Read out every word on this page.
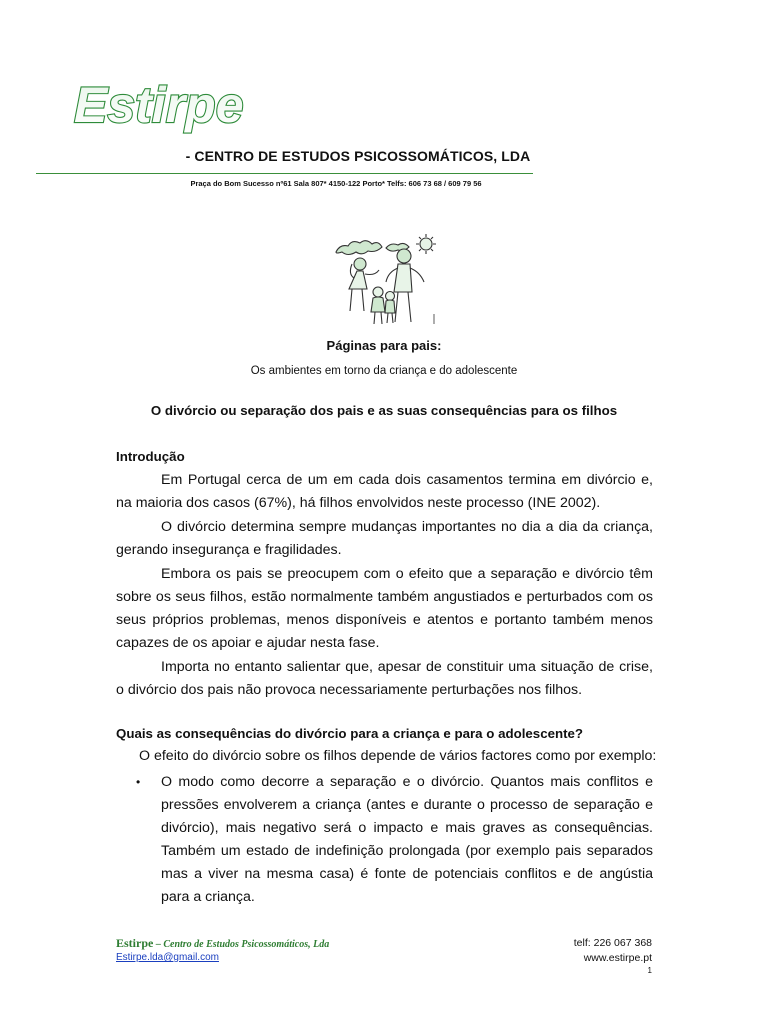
Estirpe
- CENTRO DE ESTUDOS PSICOSSOMÁTICOS, LDA
Praça do Bom Sucesso nº61 Sala 807* 4150-122 Porto* Telfs: 606 73 68 / 609 79 56
Páginas para pais:
Os ambientes em torno da criança e do adolescente
O divórcio ou separação dos pais e as suas consequências para os filhos
Introdução
Em Portugal cerca de um em cada dois casamentos termina em divórcio e, na maioria dos casos (67%), há filhos envolvidos neste processo (INE 2002).
O divórcio determina sempre mudanças importantes no dia a dia da criança, gerando insegurança e fragilidades.
Embora os pais se preocupem com o efeito que a separação e divórcio têm sobre os seus filhos, estão normalmente também angustiados e perturbados com os seus próprios problemas, menos disponíveis e atentos e portanto também menos capazes de os apoiar e ajudar nesta fase.
Importa no entanto salientar que, apesar de constituir uma situação de crise, o divórcio dos pais não provoca necessariamente perturbações nos filhos.
Quais as consequências do divórcio para a criança e para o adolescente?
O efeito do divórcio sobre os filhos depende de vários factores como por exemplo:
• O modo como decorre a separação e o divórcio. Quantos mais conflitos e pressões envolverem a criança (antes e durante o processo de separação e divórcio), mais negativo será o impacto e mais graves as consequências. Também um estado de indefinição prolongada (por exemplo pais separados mas a viver na mesma casa) é fonte de potenciais conflitos e de angústia para a criança.
Estirpe – Centro de Estudos Psicossomáticos, Lda
Estirpe.lda@gmail.com
telf: 226 067 368
www.estirpe.pt
1
